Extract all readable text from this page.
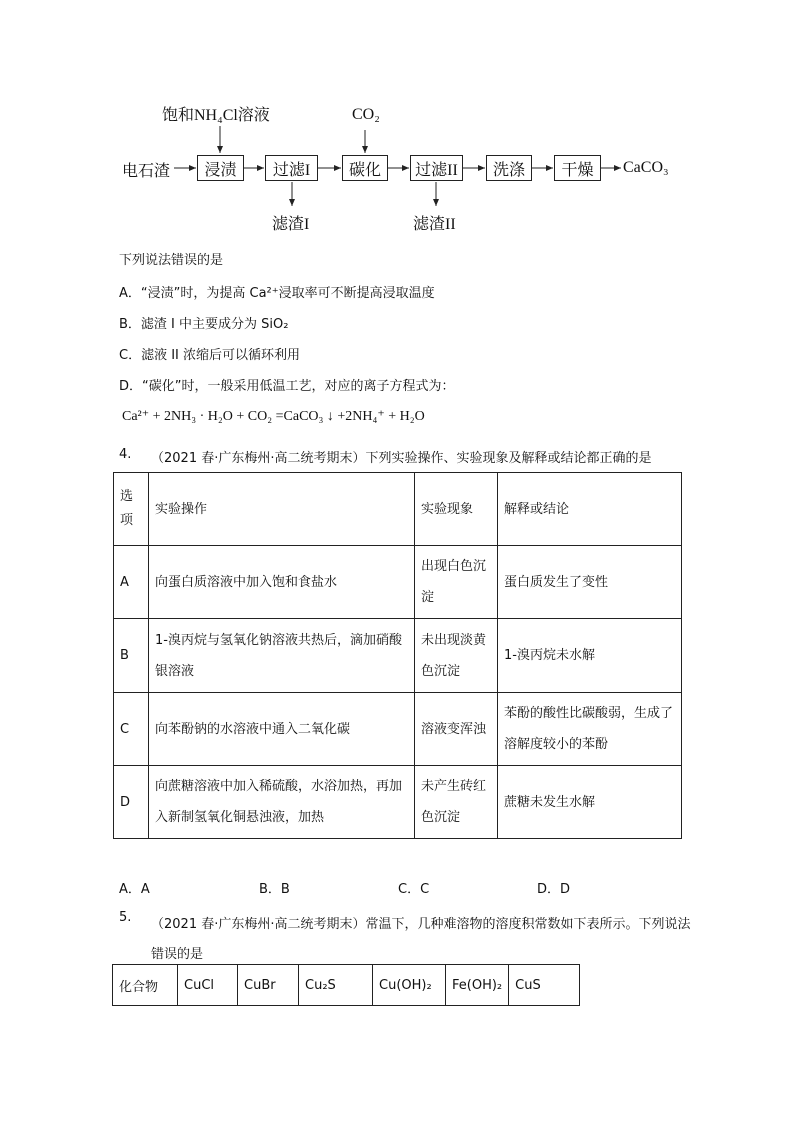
饱和NH₄Cl溶液	CO₂
电石渣	浸渍	过滤I	碳化	过滤II	洗涤	干燥	CaCO₃
滤渣I	滤渣II
下列说法错误的是
A．“浸渍”时，为提高 Ca²⁺浸取率可不断提高浸取温度
B．滤渣 I 中主要成分为 SiO₂
C．滤液 II 浓缩后可以循环利用
D．“碳化”时，一般采用低温工艺，对应的离子方程式为：
Ca²⁺ + 2NH₃ · H₂O + CO₂ =CaCO₃ ↓ +2NH₄⁺ + H₂O
4. （2021 春·广东梅州·高二统考期末）下列实验操作、实验现象及解释或结论都正确的是
选项	实验操作	实验现象	解释或结论
A	向蛋白质溶液中加入饱和食盐水	出现白色沉淀	蛋白质发生了变性
B	1-溴丙烷与氢氧化钠溶液共热后，滴加硝酸银溶液	未出现淡黄色沉淀	1-溴丙烷未水解
C	向苯酚钠的水溶液中通入二氧化碳	溶液变浑浊	苯酚的酸性比碳酸弱，生成了溶解度较小的苯酚
D	向蔗糖溶液中加入稀硫酸，水浴加热，再加入新制氢氧化铜悬浊液，加热	未产生砖红色沉淀	蔗糖未发生水解
A．A	B．B	C．C	D．D
5. （2021 春·广东梅州·高二统考期末）常温下，几种难溶物的溶度积常数如下表所示。下列说法错误的是
化合物	CuCl	CuBr	Cu₂S	Cu(OH)₂	Fe(OH)₂	CuS
